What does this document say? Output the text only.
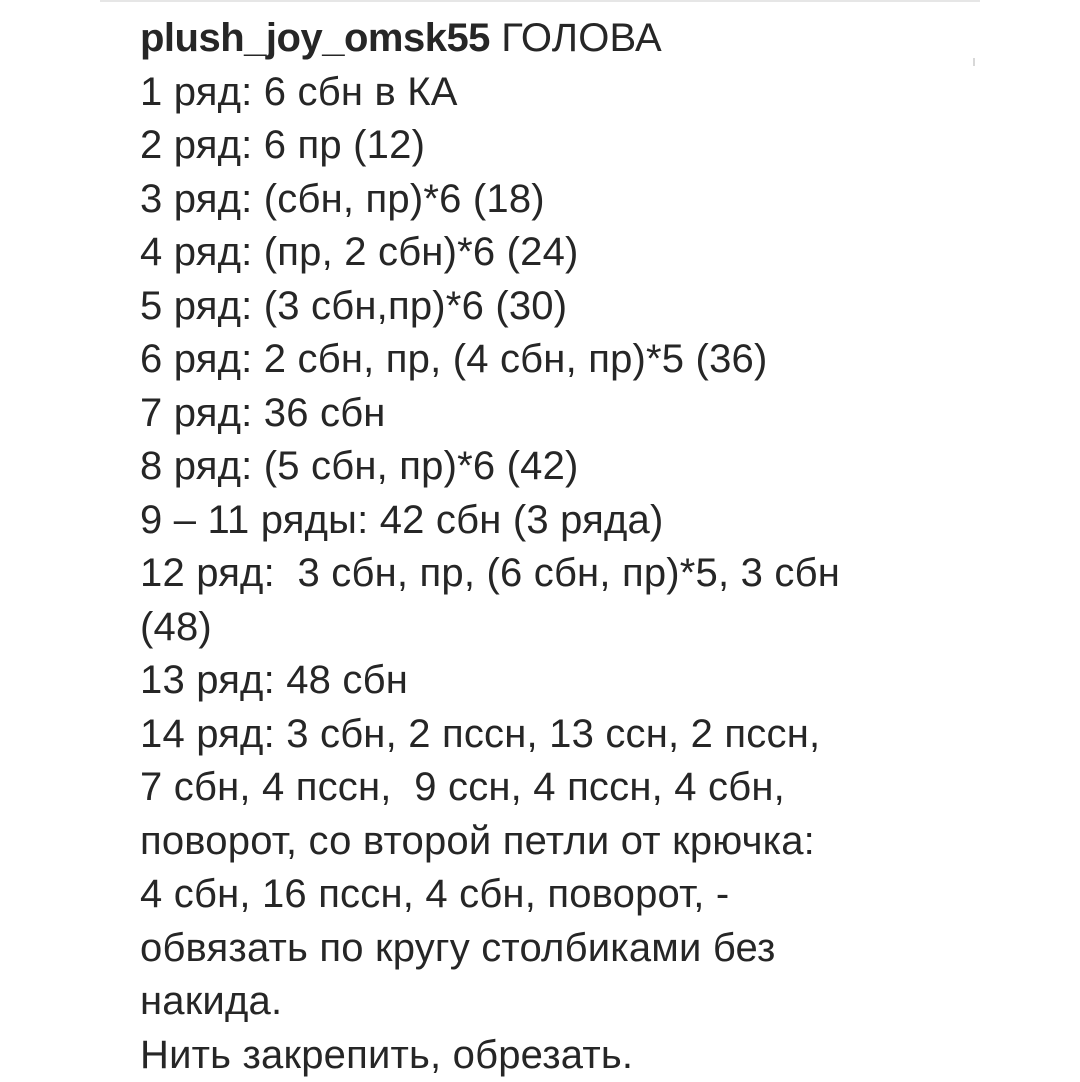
plush_joy_omsk55 ГОЛОВА
1 ряд: 6 сбн в КА
2 ряд: 6 пр (12)
3 ряд: (сбн, пр)*6 (18)
4 ряд: (пр, 2 сбн)*6 (24)
5 ряд: (3 сбн,пр)*6 (30)
6 ряд: 2 сбн, пр, (4 сбн, пр)*5 (36)
7 ряд: 36 сбн
8 ряд: (5 сбн, пр)*6 (42)
9 – 11 ряды: 42 сбн (3 ряда)
12 ряд:  3 сбн, пр, (6 сбн, пр)*5, 3 сбн
(48)
13 ряд: 48 сбн
14 ряд: 3 сбн, 2 пссн, 13 ссн, 2 пссн,
7 сбн, 4 пссн,  9 ссн, 4 пссн, 4 сбн,
поворот, со второй петли от крючка:
4 сбн, 16 пссн, 4 сбн, поворот, -
обвязать по кругу столбиками без
накида.
Нить закрепить, обрезать.
